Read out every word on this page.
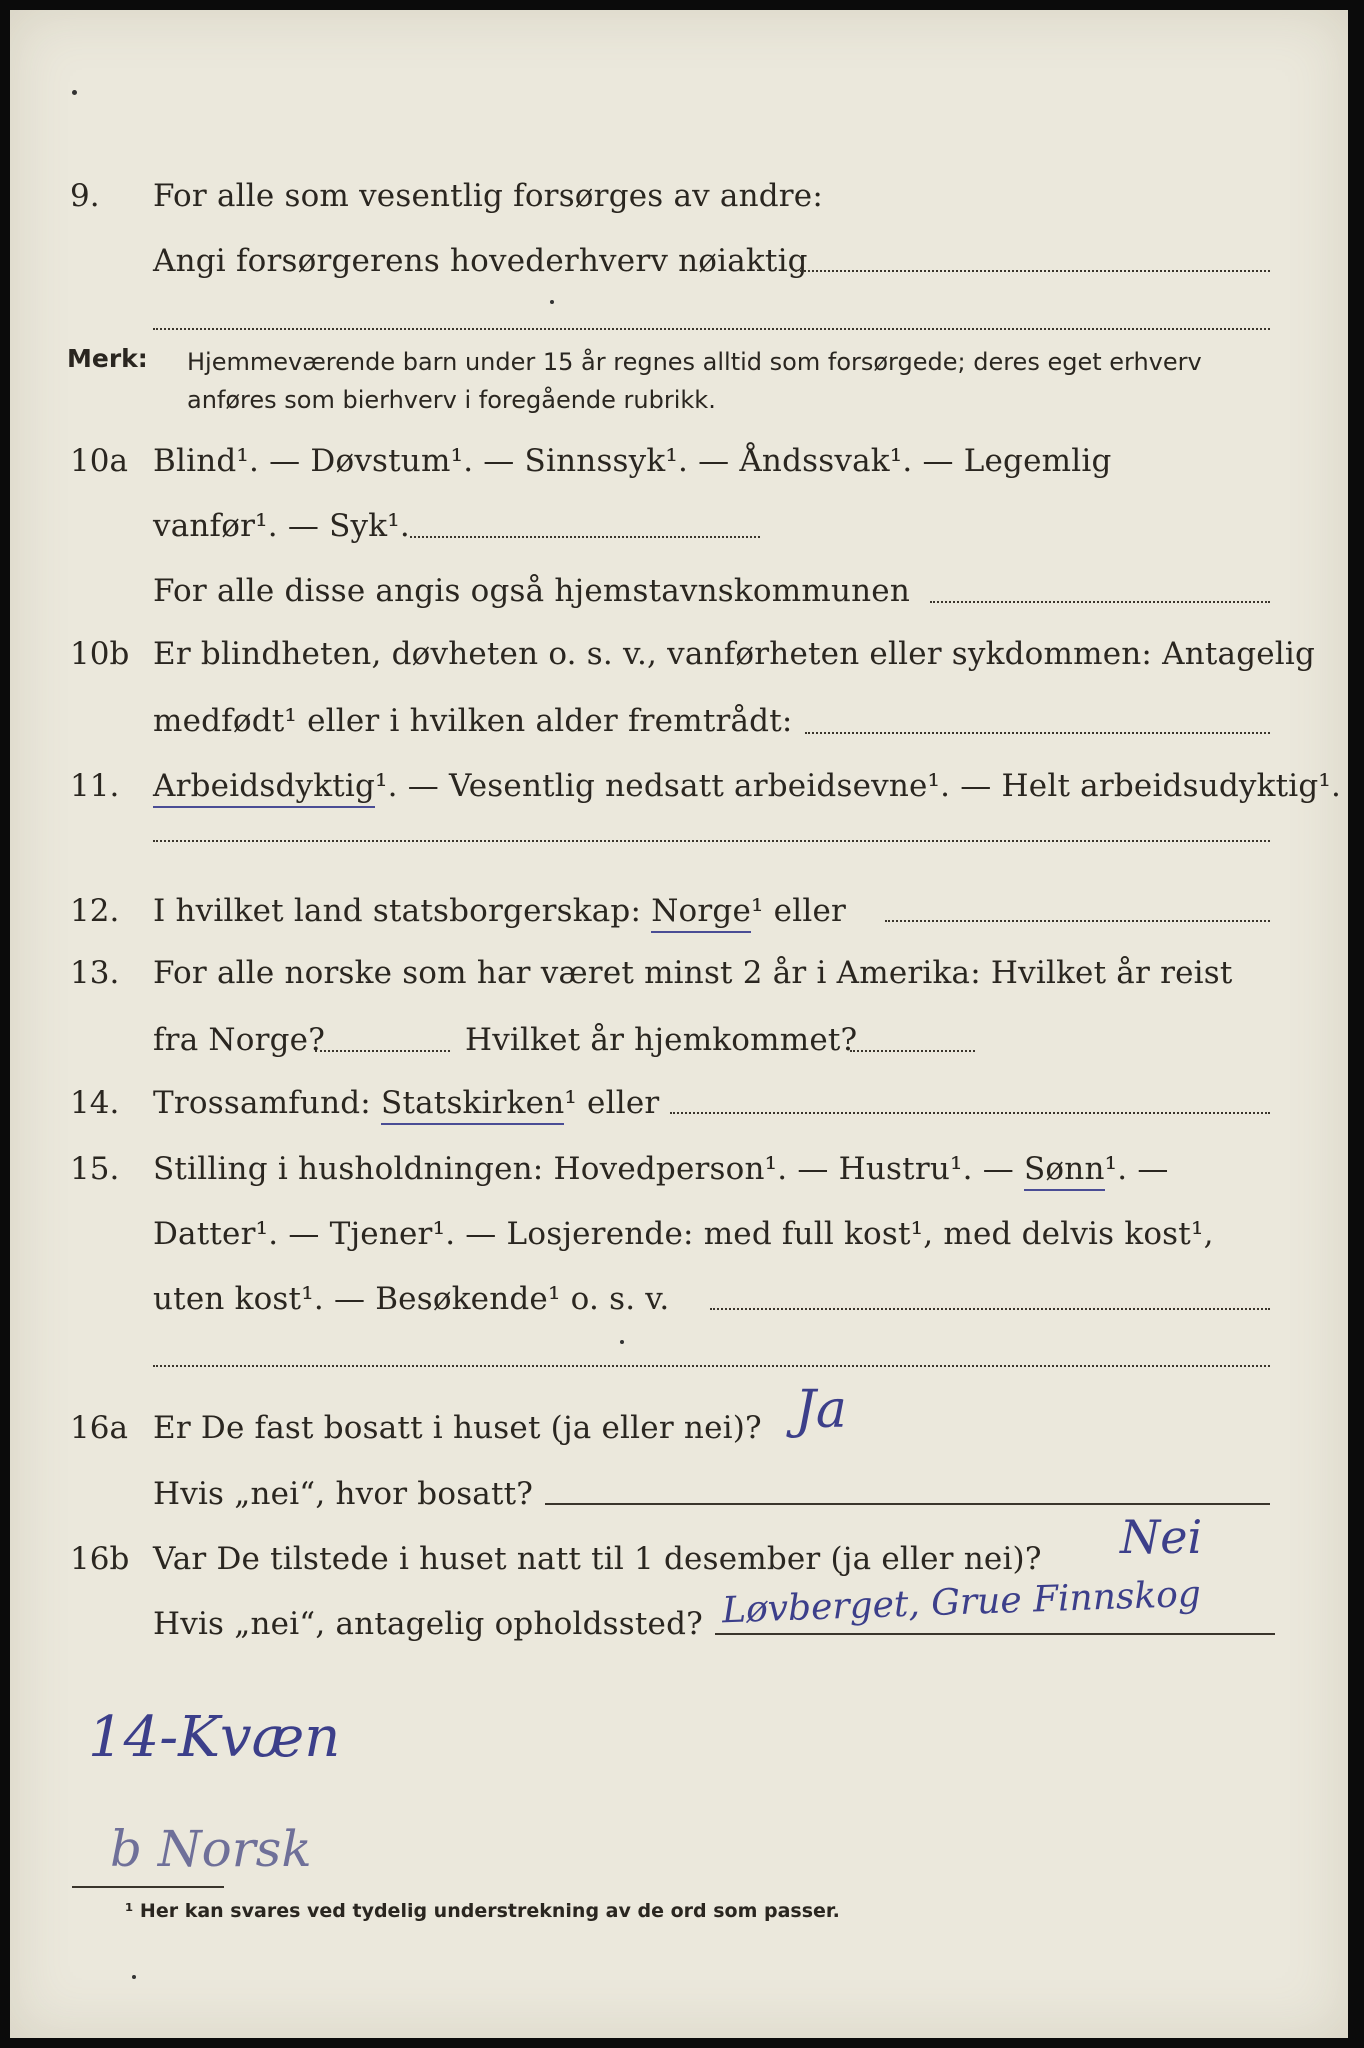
9. For alle som vesentlig forsørges av andre:
Angi forsørgerens hovederhverv nøiaktig
Merk: Hjemmeværende barn under 15 år regnes alltid som forsørgede; deres eget erhverv
anføres som bierhverv i foregående rubrikk.
10a Blind¹. — Døvstum¹. — Sinnssyk¹. — Åndssvak¹. — Legemlig
vanfør¹. — Syk¹.
For alle disse angis også hjemstavnskommunen
10b Er blindheten, døvheten o. s. v., vanførheten eller sykdommen: Antagelig
medfødt¹ eller i hvilken alder fremtrådt:
11. Arbeidsdyktig¹. — Vesentlig nedsatt arbeidsevne¹. — Helt arbeidsudyktig¹.
12. I hvilket land statsborgerskap: Norge¹ eller
13. For alle norske som har været minst 2 år i Amerika: Hvilket år reist
fra Norge?	Hvilket år hjemkommet?
14. Trossamfund: Statskirken¹ eller
15. Stilling i husholdningen: Hovedperson¹. — Hustru¹. — Sønn¹. —
Datter¹. — Tjener¹. — Losjerende: med full kost¹, med delvis kost¹,
uten kost¹. — Besøkende¹ o. s. v.
16a Er De fast bosatt i huset (ja eller nei)? Ja
Hvis „nei“, hvor bosatt?
16b Var De tilstede i huset natt til 1 desember (ja eller nei)? Nei
Hvis „nei“, antagelig opholdssted? Løvberget, Grue Finnskog
14-Kvæn
b Norsk
¹ Her kan svares ved tydelig understrekning av de ord som passer.
